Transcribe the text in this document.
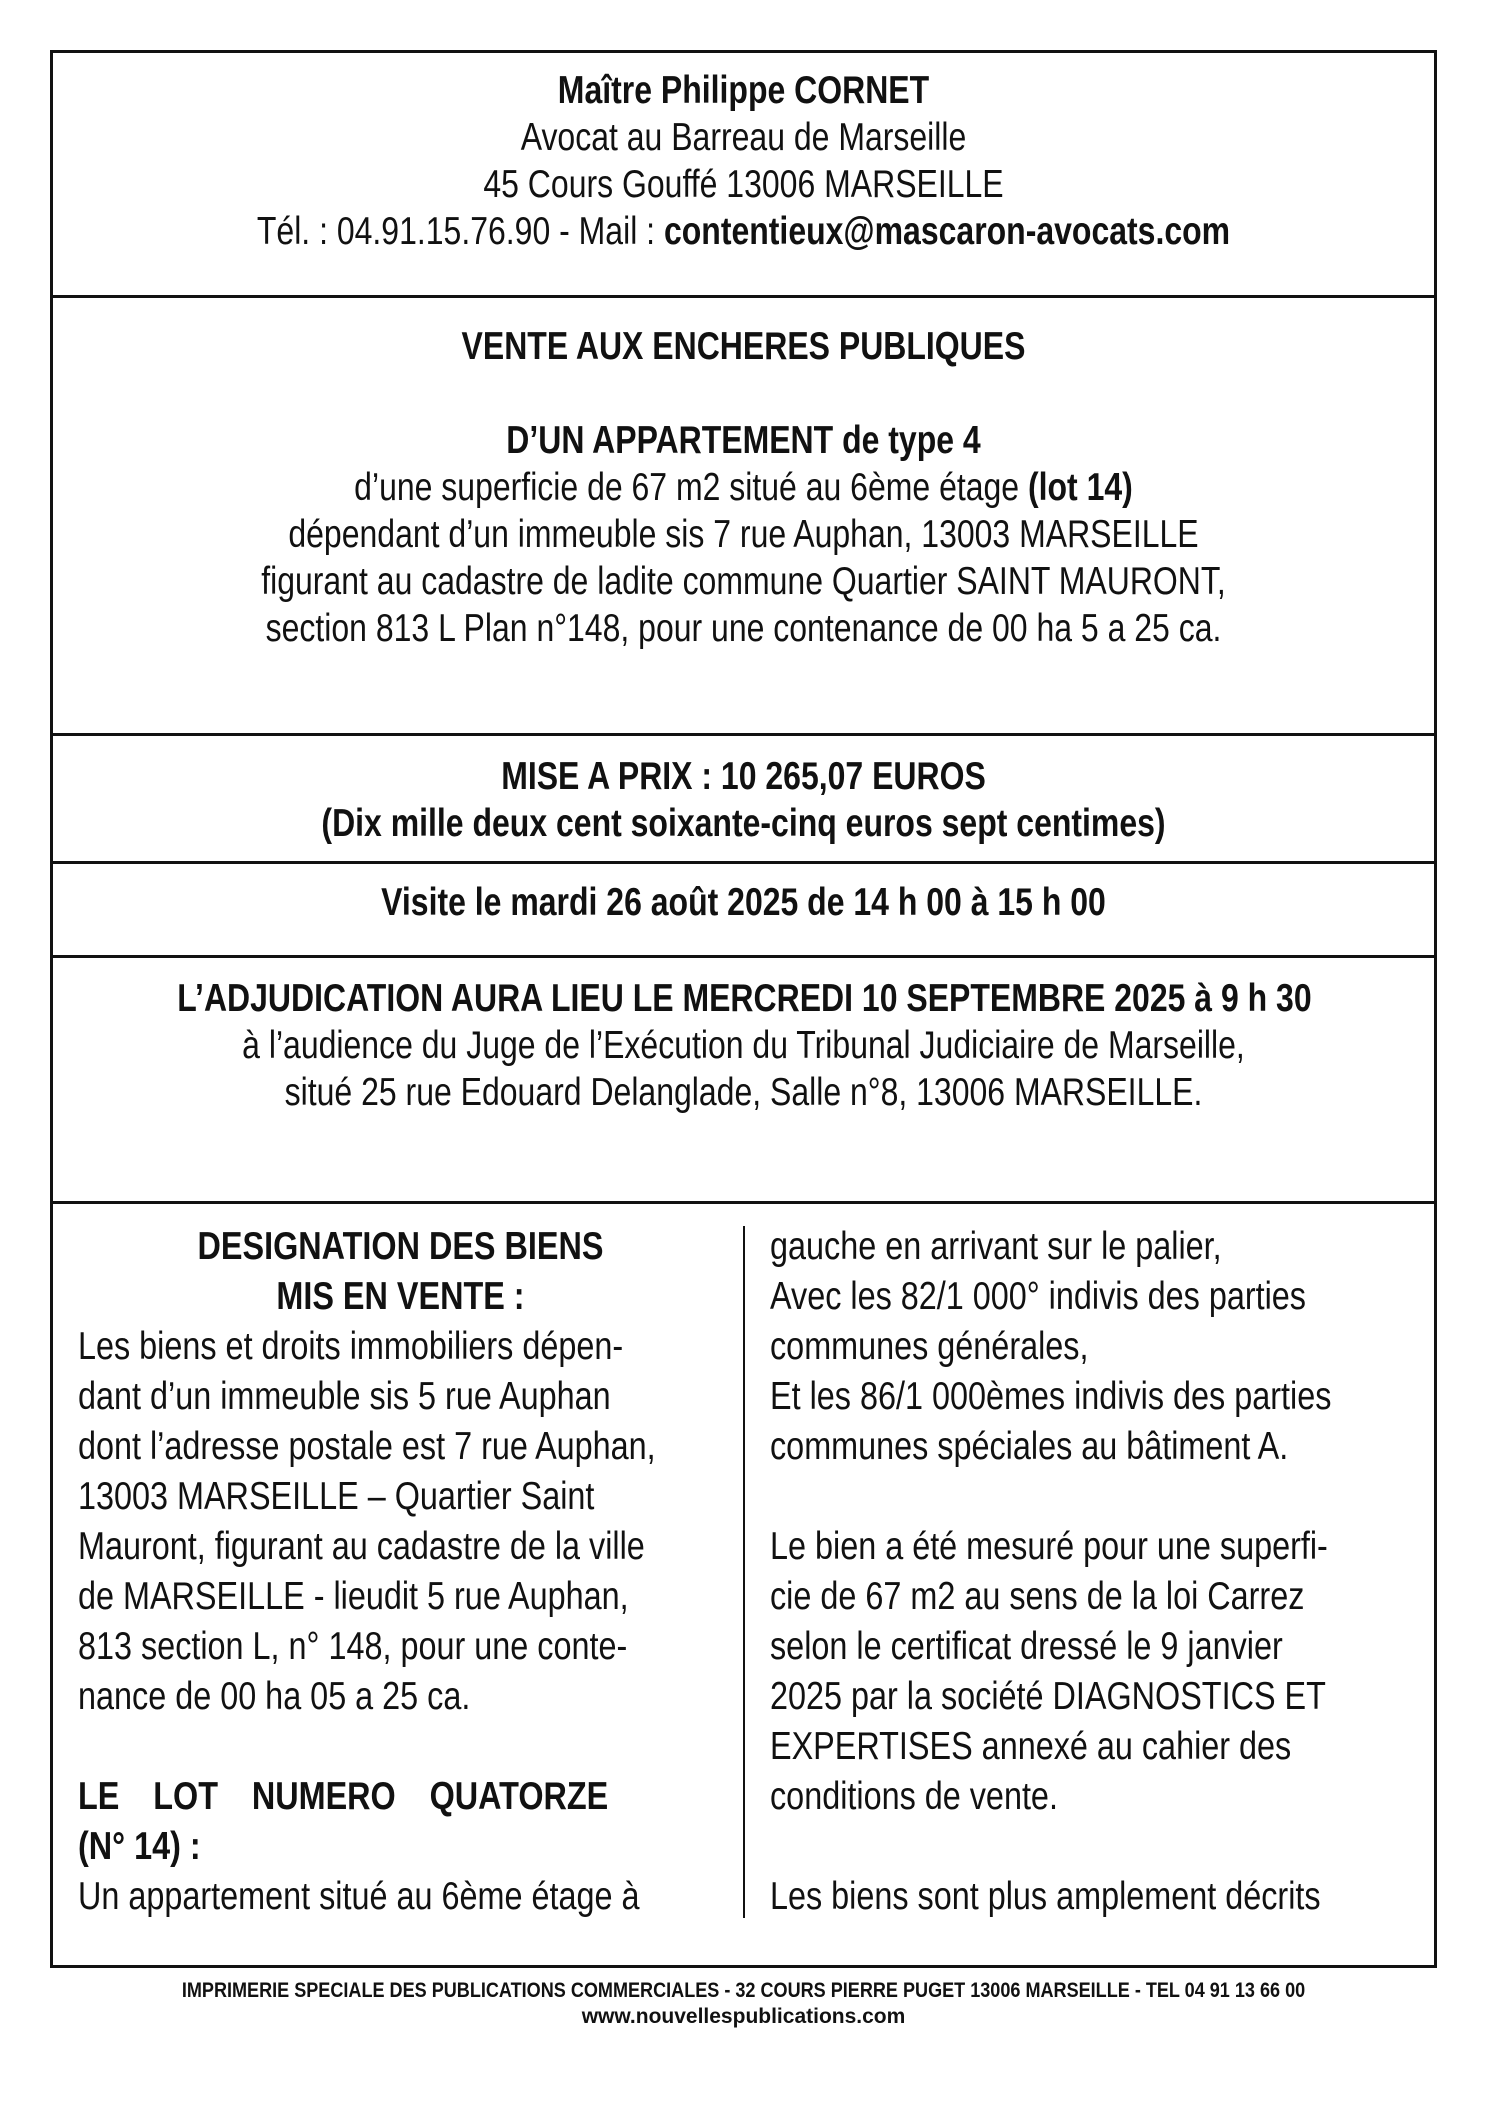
Maître Philippe CORNET
Avocat au Barreau de Marseille
45 Cours Gouffé 13006 MARSEILLE
Tél. : 04.91.15.76.90 - Mail : contentieux@mascaron-avocats.com
VENTE AUX ENCHERES PUBLIQUES
D’UN APPARTEMENT de type 4
d’une superficie de 67 m2 situé au 6ème étage (lot 14)
dépendant d’un immeuble sis 7 rue Auphan, 13003 MARSEILLE
figurant au cadastre de ladite commune Quartier SAINT MAURONT,
section 813 L Plan n°148, pour une contenance de 00 ha 5 a 25 ca.
MISE A PRIX : 10 265,07 EUROS
(Dix mille deux cent soixante-cinq euros sept centimes)
Visite le mardi 26 août 2025 de 14 h 00 à 15 h 00
L’ADJUDICATION AURA LIEU LE MERCREDI 10 SEPTEMBRE 2025 à 9 h 30
à l’audience du Juge de l’Exécution du Tribunal Judiciaire de Marseille,
situé 25 rue Edouard Delanglade, Salle n°8, 13006 MARSEILLE.
DESIGNATION DES BIENS
MIS EN VENTE :
Les biens et droits immobiliers dépen-
dant d’un immeuble sis 5 rue Auphan
dont l’adresse postale est 7 rue Auphan,
13003 MARSEILLE – Quartier Saint
Mauront, figurant au cadastre de la ville
de MARSEILLE - lieudit 5 rue Auphan,
813 section L, n° 148, pour une conte-
nance de 00 ha 05 a 25 ca.
LE LOT NUMERO QUATORZE
(N° 14) :
Un appartement situé au 6ème étage à
gauche en arrivant sur le palier,
Avec les 82/1 000° indivis des parties
communes générales,
Et les 86/1 000èmes indivis des parties
communes spéciales au bâtiment A.
Le bien a été mesuré pour une superfi-
cie de 67 m2 au sens de la loi Carrez
selon le certificat dressé le 9 janvier
2025 par la société DIAGNOSTICS ET
EXPERTISES annexé au cahier des
conditions de vente.
Les biens sont plus amplement décrits
IMPRIMERIE SPECIALE DES PUBLICATIONS COMMERCIALES - 32 COURS PIERRE PUGET 13006 MARSEILLE - TEL 04 91 13 66 00
www.nouvellespublications.com
